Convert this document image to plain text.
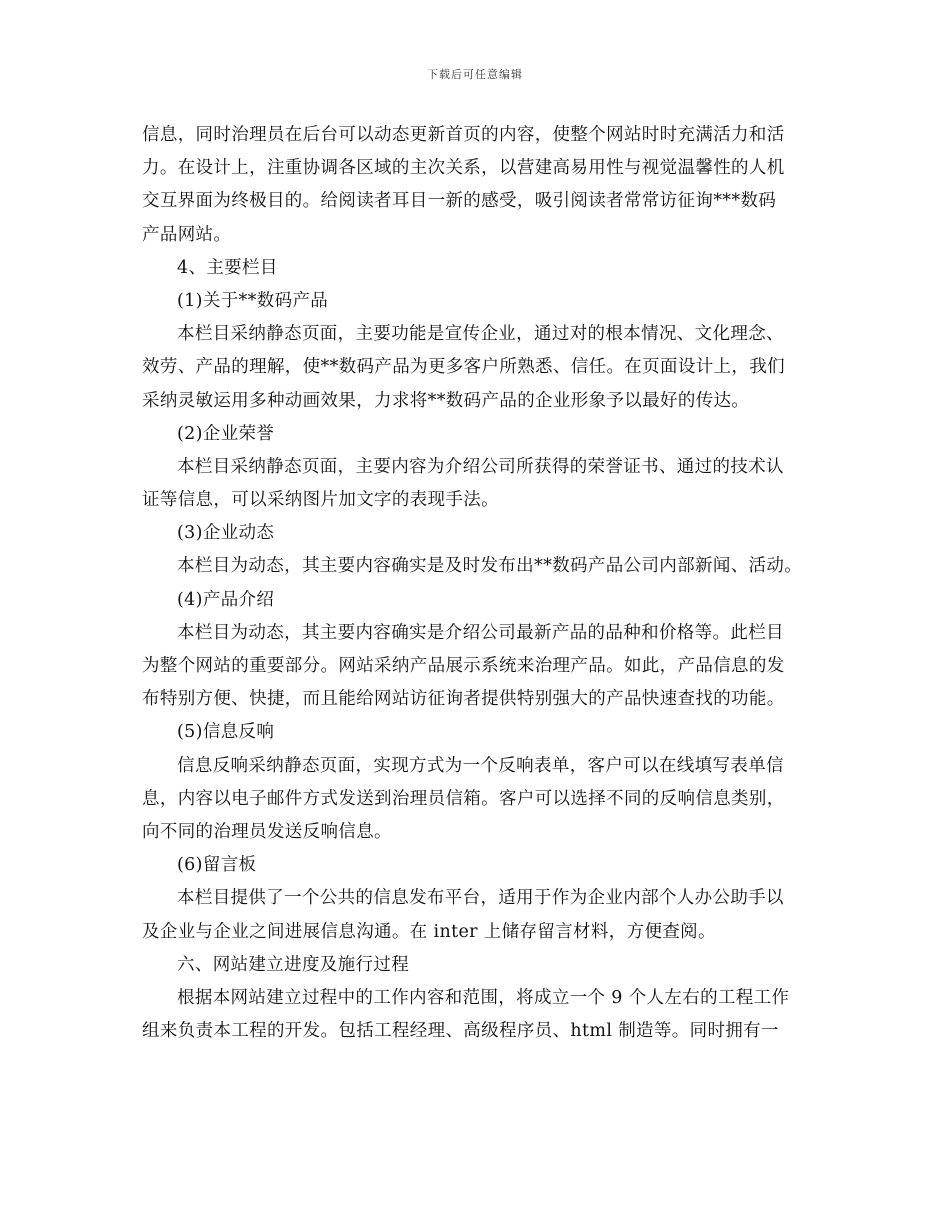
下载后可任意编辑
信息，同时治理员在后台可以动态更新首页的内容，使整个网站时时充满活力和活
力。在设计上，注重协调各区域的主次关系，以营建高易用性与视觉温馨性的人机
交互界面为终极目的。给阅读者耳目一新的感受，吸引阅读者常常访征询***数码
产品网站。
4、主要栏目
(1)关于**数码产品
本栏目采纳静态页面，主要功能是宣传企业，通过对的根本情况、文化理念、
效劳、产品的理解，使**数码产品为更多客户所熟悉、信任。在页面设计上，我们
采纳灵敏运用多种动画效果，力求将**数码产品的企业形象予以最好的传达。
(2)企业荣誉
本栏目采纳静态页面，主要内容为介绍公司所获得的荣誉证书、通过的技术认
证等信息，可以采纳图片加文字的表现手法。
(3)企业动态
本栏目为动态，其主要内容确实是及时发布出**数码产品公司内部新闻、活动。
(4)产品介绍
本栏目为动态，其主要内容确实是介绍公司最新产品的品种和价格等。此栏目
为整个网站的重要部分。网站采纳产品展示系统来治理产品。如此，产品信息的发
布特别方便、快捷，而且能给网站访征询者提供特别强大的产品快速查找的功能。
(5)信息反响
信息反响采纳静态页面，实现方式为一个反响表单，客户可以在线填写表单信
息，内容以电子邮件方式发送到治理员信箱。客户可以选择不同的反响信息类别，
向不同的治理员发送反响信息。
(6)留言板
本栏目提供了一个公共的信息发布平台，适用于作为企业内部个人办公助手以
及企业与企业之间进展信息沟通。在 inter 上储存留言材料，方便查阅。
六、网站建立进度及施行过程
根据本网站建立过程中的工作内容和范围，将成立一个 9 个人左右的工程工作
组来负责本工程的开发。包括工程经理、高级程序员、html 制造等。同时拥有一
